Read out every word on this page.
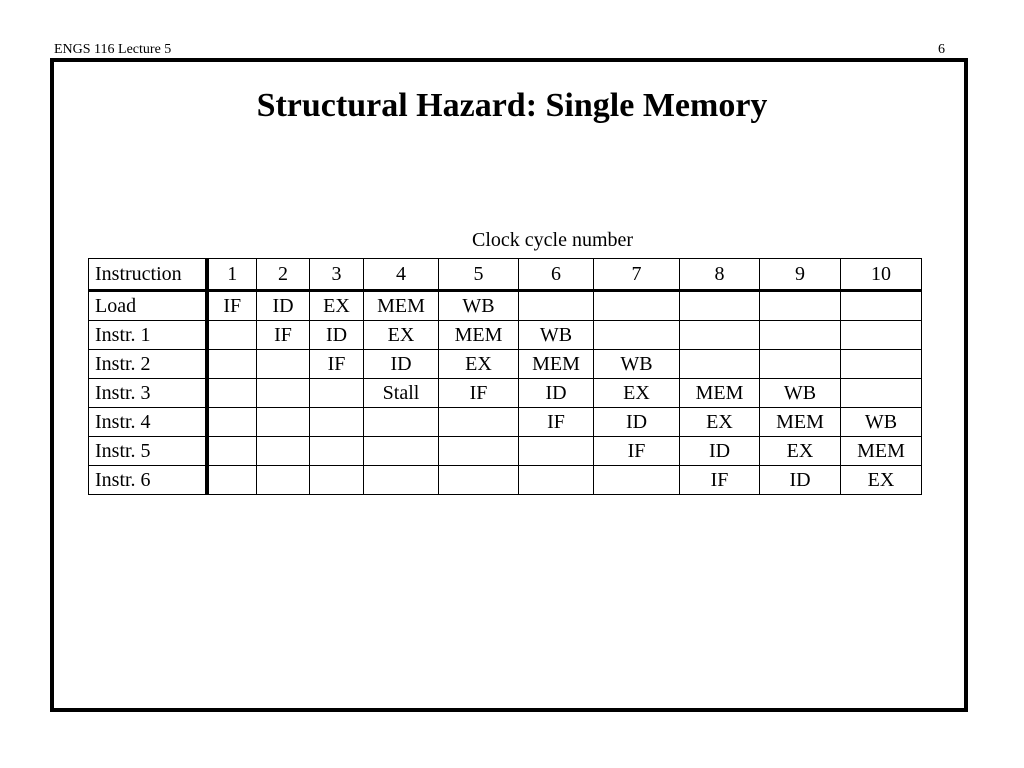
ENGS 116 Lecture 5	6
Structural Hazard: Single Memory
Clock cycle number
Instruction	1	2	3	4	5	6	7	8	9	10
Load	IF	ID	EX	MEM	WB					
Instr. 1		IF	ID	EX	MEM	WB				
Instr. 2			IF	ID	EX	MEM	WB			
Instr. 3				Stall	IF	ID	EX	MEM	WB	
Instr. 4						IF	ID	EX	MEM	WB
Instr. 5							IF	ID	EX	MEM
Instr. 6								IF	ID	EX
